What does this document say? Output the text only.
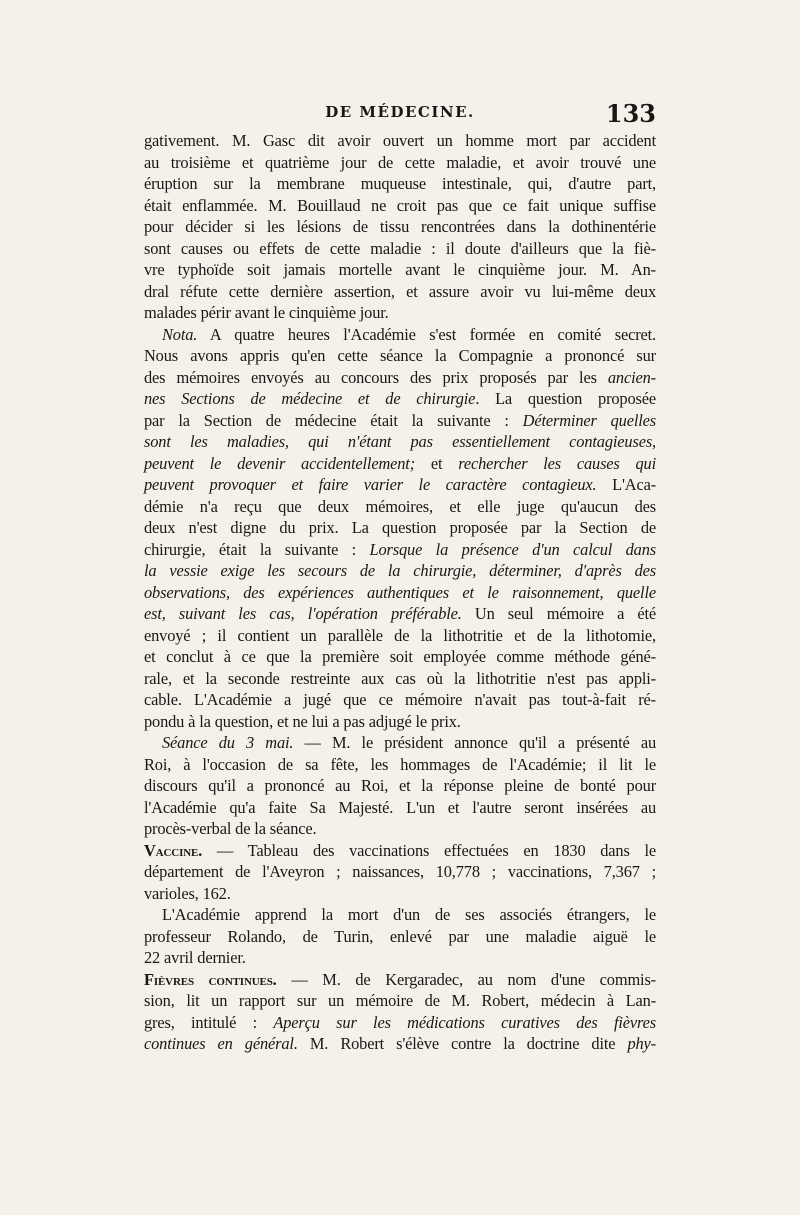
DE MÉDECINE.	133
gativement. M. Gasc dit avoir ouvert un homme mort par accident
au troisième et quatrième jour de cette maladie, et avoir trouvé une
éruption sur la membrane muqueuse intestinale, qui, d'autre part,
était enflammée. M. Bouillaud ne croit pas que ce fait unique suffise
pour décider si les lésions de tissu rencontrées dans la dothinentérie
sont causes ou effets de cette maladie : il doute d'ailleurs que la fiè-
vre typhoïde soit jamais mortelle avant le cinquième jour. M. An-
dral réfute cette dernière assertion, et assure avoir vu lui-même deux
malades périr avant le cinquième jour.
Nota. A quatre heures l'Académie s'est formée en comité secret.
Nous avons appris qu'en cette séance la Compagnie a prononcé sur
des mémoires envoyés au concours des prix proposés par les ancien-
nes Sections de médecine et de chirurgie. La question proposée
par la Section de médecine était la suivante : Déterminer quelles
sont les maladies, qui n'étant pas essentiellement contagieuses,
peuvent le devenir accidentellement; et rechercher les causes qui
peuvent provoquer et faire varier le caractère contagieux. L'Aca-
démie n'a reçu que deux mémoires, et elle juge qu'aucun des
deux n'est digne du prix. La question proposée par la Section de
chirurgie, était la suivante : Lorsque la présence d'un calcul dans
la vessie exige les secours de la chirurgie, déterminer, d'après des
observations, des expériences authentiques et le raisonnement, quelle
est, suivant les cas, l'opération préférable. Un seul mémoire a été
envoyé ; il contient un parallèle de la lithotritie et de la lithotomie,
et conclut à ce que la première soit employée comme méthode géné-
rale, et la seconde restreinte aux cas où la lithotritie n'est pas appli-
cable. L'Académie a jugé que ce mémoire n'avait pas tout-à-fait ré-
pondu à la question, et ne lui a pas adjugé le prix.
Séance du 3 mai. — M. le président annonce qu'il a présenté au
Roi, à l'occasion de sa fête, les hommages de l'Académie; il lit le
discours qu'il a prononcé au Roi, et la réponse pleine de bonté pour
l'Académie qu'a faite Sa Majesté. L'un et l'autre seront insérées au
procès-verbal de la séance.
Vaccine. — Tableau des vaccinations effectuées en 1830 dans le
département de l'Aveyron ; naissances, 10,778 ; vaccinations, 7,367 ;
varioles, 162.
L'Académie apprend la mort d'un de ses associés étrangers, le
professeur Rolando, de Turin, enlevé par une maladie aiguë le
22 avril dernier.
Fièvres continues. — M. de Kergaradec, au nom d'une commis-
sion, lit un rapport sur un mémoire de M. Robert, médecin à Lan-
gres, intitulé : Aperçu sur les médications curatives des fièvres
continues en général. M. Robert s'élève contre la doctrine dite phy-
